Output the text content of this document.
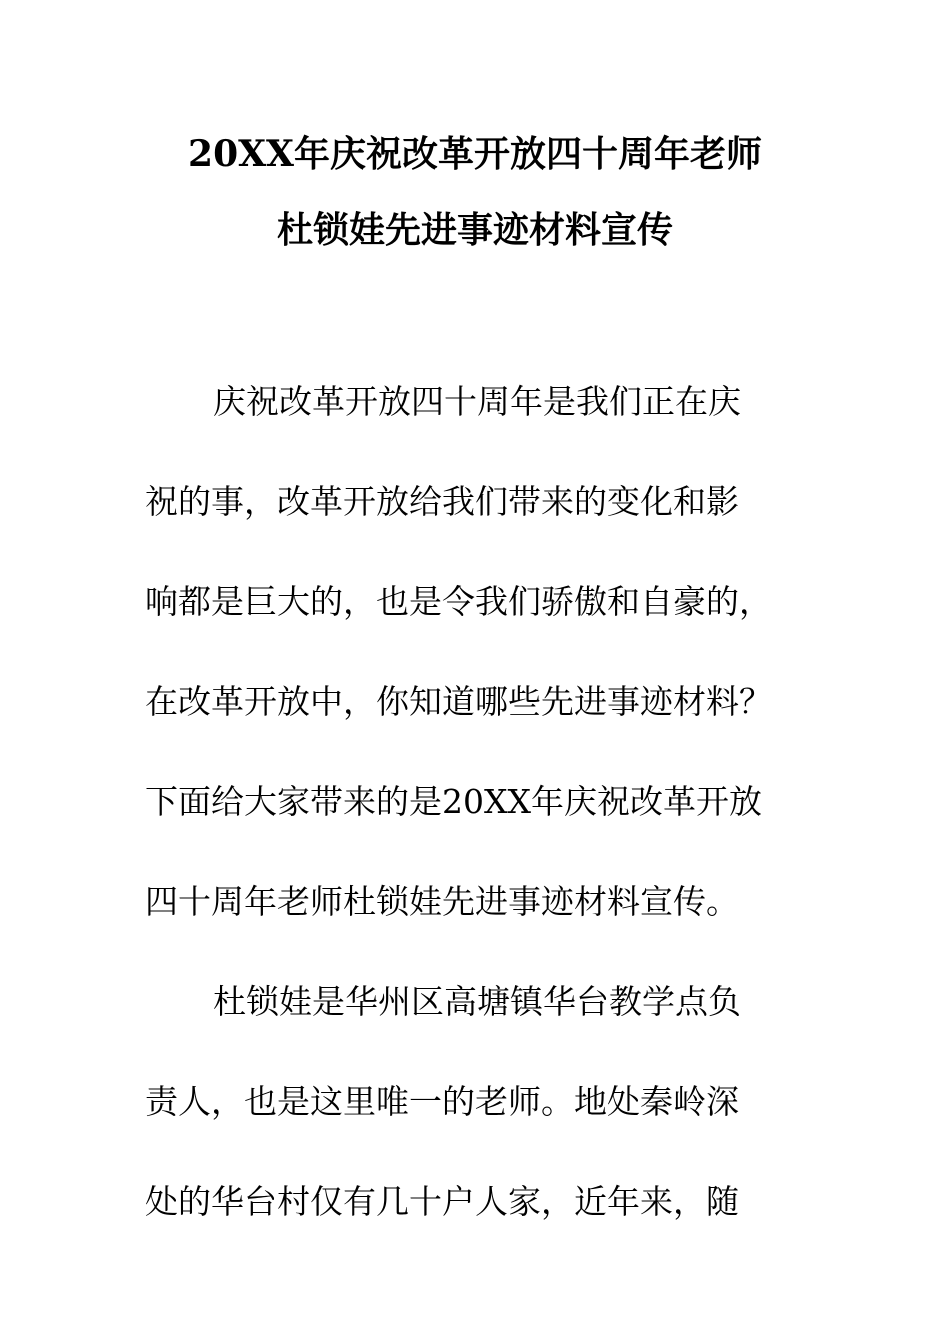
20XX年庆祝改革开放四十周年老师
杜锁娃先进事迹材料宣传
庆祝改革开放四十周年是我们正在庆
祝的事，改革开放给我们带来的变化和影
响都是巨大的，也是令我们骄傲和自豪的，
在改革开放中，你知道哪些先进事迹材料？
下面给大家带来的是20XX年庆祝改革开放
四十周年老师杜锁娃先进事迹材料宣传。
杜锁娃是华州区高塘镇华台教学点负
责人，也是这里唯一的老师。地处秦岭深
处的华台村仅有几十户人家，近年来，随
